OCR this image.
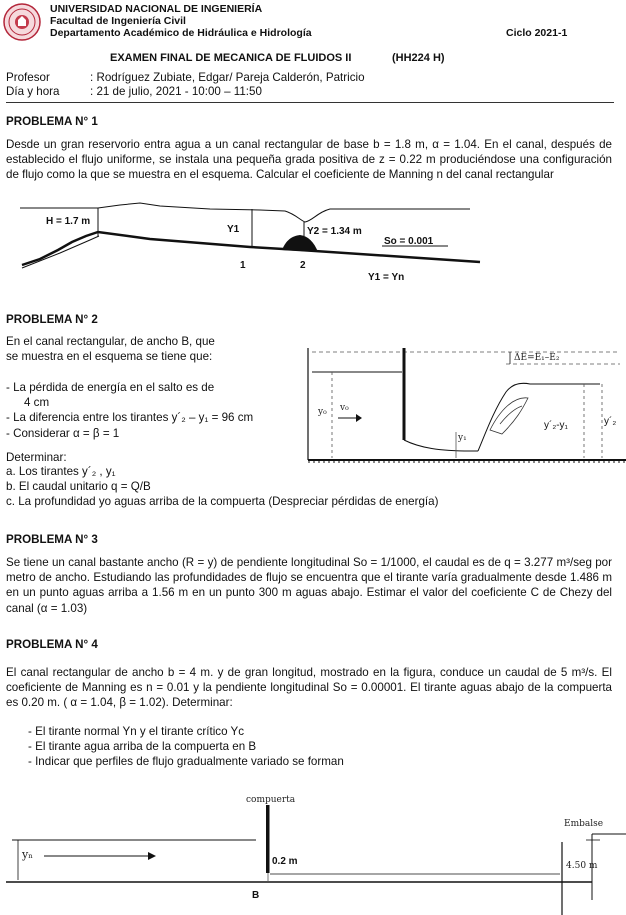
UNIVERSIDAD NACIONAL DE INGENIERÍA
Facultad de Ingeniería Civil
Departamento Académico de Hidráulica e Hidrología	Ciclo 2021-1
EXAMEN FINAL DE MECANICA DE FLUIDOS II	(HH224 H)
Profesor	: Rodríguez Zubiate, Edgar/ Pareja Calderón, Patricio
Día y hora	: 21 de julio, 2021 - 10:00 – 11:50
PROBLEMA N° 1
Desde un gran reservorio entra agua a un canal rectangular de base b = 1.8 m, α = 1.04. En el canal, después de establecido el flujo uniforme, se instala una pequeña grada positiva de z = 0.22 m produciéndose una configuración de flujo como la que se muestra en el esquema. Calcular el coeficiente de Manning n del canal rectangular
H = 1.7 m
Y1	Y2 = 1.34 m
So = 0.001
1	2
Y1 = Yn
PROBLEMA N° 2
En el canal rectangular, de ancho B, que
se muestra en el esquema se tiene que:
- La pérdida de energía en el salto es de
4 cm
- La diferencia entre los tirantes y´₂ – y₁ = 96 cm
- Considerar α = β = 1
Determinar:
a. Los tirantes y´₂ , y₁
b. El caudal unitario q = Q/B
c. La profundidad yo aguas arriba de la compuerta (Despreciar pérdidas de energía)
ΔE=E₁–E₂
y₀ v₀
y₁
y´₂-y₁	y´₂
PROBLEMA N° 3
Se tiene un canal bastante ancho (R = y) de pendiente longitudinal So = 1/1000, el caudal es de q = 3.277 m³/seg por metro de ancho. Estudiando las profundidades de flujo se encuentra que el tirante varía gradualmente desde 1.486 m en un punto aguas arriba a 1.56 m en un punto 300 m aguas abajo. Estimar el valor del coeficiente C de Chezy del canal (α = 1.03)
PROBLEMA N° 4
El canal rectangular de ancho b = 4 m. y de gran longitud, mostrado en la figura, conduce un caudal de 5 m³/s. El coeficiente de Manning es n = 0.01 y la pendiente longitudinal So = 0.00001. El tirante aguas abajo de la compuerta es 0.20 m. ( α = 1.04, β = 1.02). Determinar:
- El tirante normal Yn y el tirante crítico Yc
- El tirante agua arriba de la compuerta en B
- Indicar que perfiles de flujo gradualmente variado se forman
compuerta
Embalse
yₙ
0.2 m
B
4.50 m
